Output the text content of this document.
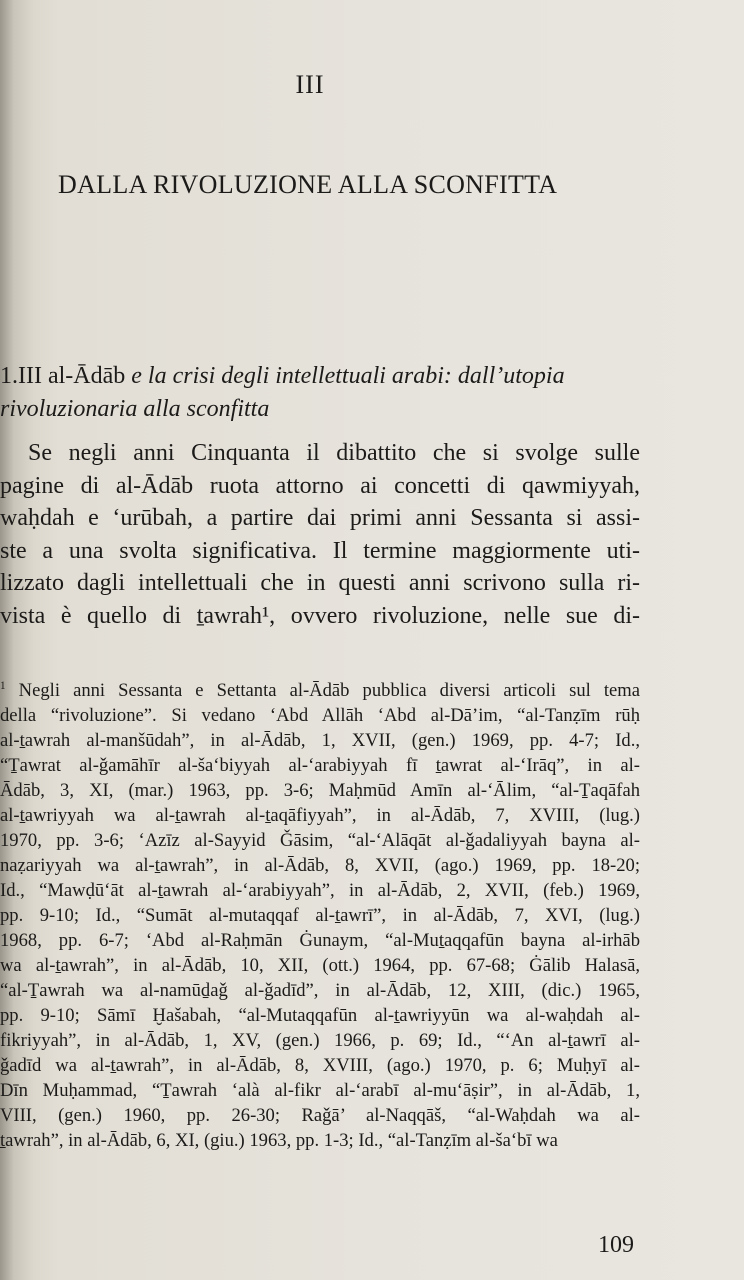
III
DALLA RIVOLUZIONE ALLA SCONFITTA
1.III al-Ādāb e la crisi degli intellettuali arabi: dall’utopia
rivoluzionaria alla sconfitta
Se negli anni Cinquanta il dibattito che si svolge sulle
pagine di al-Ādāb ruota attorno ai concetti di qawmiyyah,
waḥdah e ‘urūbah, a partire dai primi anni Sessanta si assi-
ste a una svolta significativa. Il termine maggiormente uti-
lizzato dagli intellettuali che in questi anni scrivono sulla ri-
vista è quello di ṯawrah¹, ovvero rivoluzione, nelle sue di-
$^1$ Negli anni Sessanta e Settanta al-Ādāb pubblica diversi articoli sul tema
della “rivoluzione”. Si vedano ‘Abd Allāh ‘Abd al-Dā’im, “al-Tanẓīm rūḥ
al-ṯawrah al-manšūdah”, in al-Ādāb, 1, XVII, (gen.) 1969, pp. 4-7; Id.,
“Ṯawrat al-ǧamāhīr al-ša‘biyyah al-‘arabiyyah fī ṯawrat al-‘Irāq”, in al-
Ādāb, 3, XI, (mar.) 1963, pp. 3-6; Maḥmūd Amīn al-‘Ālim, “al-Ṯaqāfah
al-ṯawriyyah wa al-ṯawrah al-ṯaqāfiyyah”, in al-Ādāb, 7, XVIII, (lug.)
1970, pp. 3-6; ‘Azīz al-Sayyid Ǧāsim, “al-‘Alāqāt al-ǧadaliyyah bayna al-
naẓariyyah wa al-ṯawrah”, in al-Ādāb, 8, XVII, (ago.) 1969, pp. 18-20;
Id., “Mawḍū‘āt al-ṯawrah al-‘arabiyyah”, in al-Ādāb, 2, XVII, (feb.) 1969,
pp. 9-10; Id., “Sumāt al-mutaqqaf al-ṯawrī”, in al-Ādāb, 7, XVI, (lug.)
1968, pp. 6-7; ‘Abd al-Raḥmān Ġunaym, “al-Muṯaqqafūn bayna al-irhāb
wa al-ṯawrah”, in al-Ādāb, 10, XII, (ott.) 1964, pp. 67-68; Ġālib Halasā,
“al-Ṯawrah wa al-namūḏaǧ al-ǧadīd”, in al-Ādāb, 12, XIII, (dic.) 1965,
pp. 9-10; Sāmī Ḫašabah, “al-Mutaqqafūn al-ṯawriyyūn wa al-waḥdah al-
fikriyyah”, in al-Ādāb, 1, XV, (gen.) 1966, p. 69; Id., “‘An al-ṯawrī al-
ǧadīd wa al-ṯawrah”, in al-Ādāb, 8, XVIII, (ago.) 1970, p. 6; Muḥyī al-
Dīn Muḥammad, “Ṯawrah ‘alà al-fikr al-‘arabī al-mu‘āṣir”, in al-Ādāb, 1,
VIII, (gen.) 1960, pp. 26-30; Raǧā’ al-Naqqāš, “al-Waḥdah wa al-
ṯawrah”, in al-Ādāb, 6, XI, (giu.) 1963, pp. 1-3; Id., “al-Tanẓīm al-ša‘bī wa
109
